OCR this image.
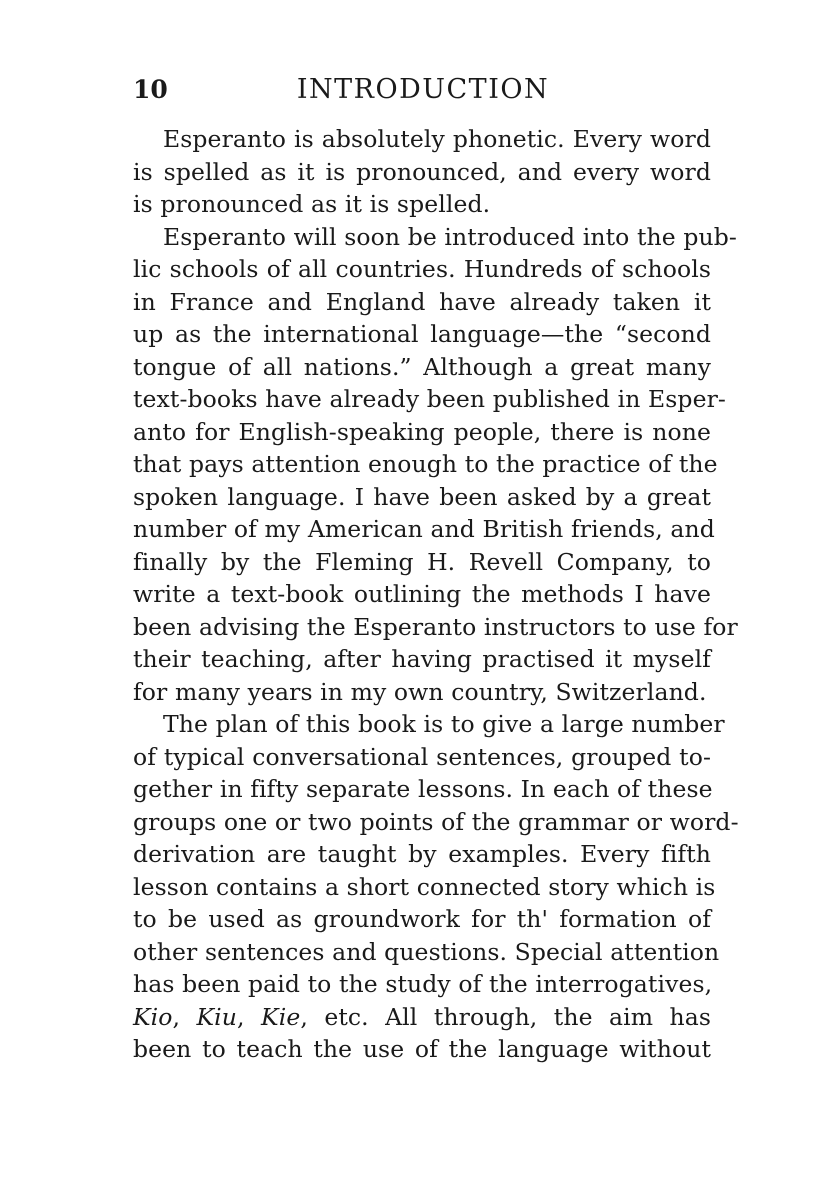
10	INTRODUCTION
Esperanto is absolutely phonetic. Every word
is spelled as it is pronounced, and every word
is pronounced as it is spelled.
Esperanto will soon be introduced into the pub-
lic schools of all countries. Hundreds of schools
in France and England have already taken it
up as the international language—the “second
tongue of all nations.” Although a great many
text-books have already been published in Esper-
anto for English-speaking people, there is none
that pays attention enough to the practice of the
spoken language. I have been asked by a great
number of my American and British friends, and
finally by the Fleming H. Revell Company, to
write a text-book outlining the methods I have
been advising the Esperanto instructors to use for
their teaching, after having practised it myself
for many years in my own country, Switzerland.
The plan of this book is to give a large number
of typical conversational sentences, grouped to-
gether in fifty separate lessons. In each of these
groups one or two points of the grammar or word-
derivation are taught by examples. Every fifth
lesson contains a short connected story which is
to be used as groundwork for th' formation of
other sentences and questions. Special attention
has been paid to the study of the interrogatives,
Kio, Kiu, Kie, etc. All through, the aim has
been to teach the use of the language without
